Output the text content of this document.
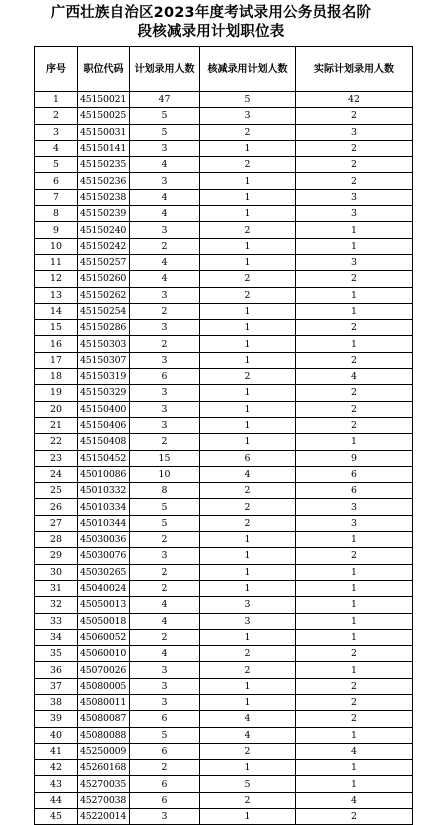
广西壮族自治区2023年度考试录用公务员报名阶
段核减录用计划职位表
序号	职位代码	计划录用人数	核减录用计划人数	实际计划录用人数
1	45150021	47	5	42
2	45150025	5	3	2
3	45150031	5	2	3
4	45150141	3	1	2
5	45150235	4	2	2
6	45150236	3	1	2
7	45150238	4	1	3
8	45150239	4	1	3
9	45150240	3	2	1
10	45150242	2	1	1
11	45150257	4	1	3
12	45150260	4	2	2
13	45150262	3	2	1
14	45150254	2	1	1
15	45150286	3	1	2
16	45150303	2	1	1
17	45150307	3	1	2
18	45150319	6	2	4
19	45150329	3	1	2
20	45150400	3	1	2
21	45150406	3	1	2
22	45150408	2	1	1
23	45150452	15	6	9
24	45010086	10	4	6
25	45010332	8	2	6
26	45010334	5	2	3
27	45010344	5	2	3
28	45030036	2	1	1
29	45030076	3	1	2
30	45030265	2	1	1
31	45040024	2	1	1
32	45050013	4	3	1
33	45050018	4	3	1
34	45060052	2	1	1
35	45060010	4	2	2
36	45070026	3	2	1
37	45080005	3	1	2
38	45080011	3	1	2
39	45080087	6	4	2
40	45080088	5	4	1
41	45250009	6	2	4
42	45260168	2	1	1
43	45270035	6	5	1
44	45270038	6	2	4
45	45220014	3	1	2
